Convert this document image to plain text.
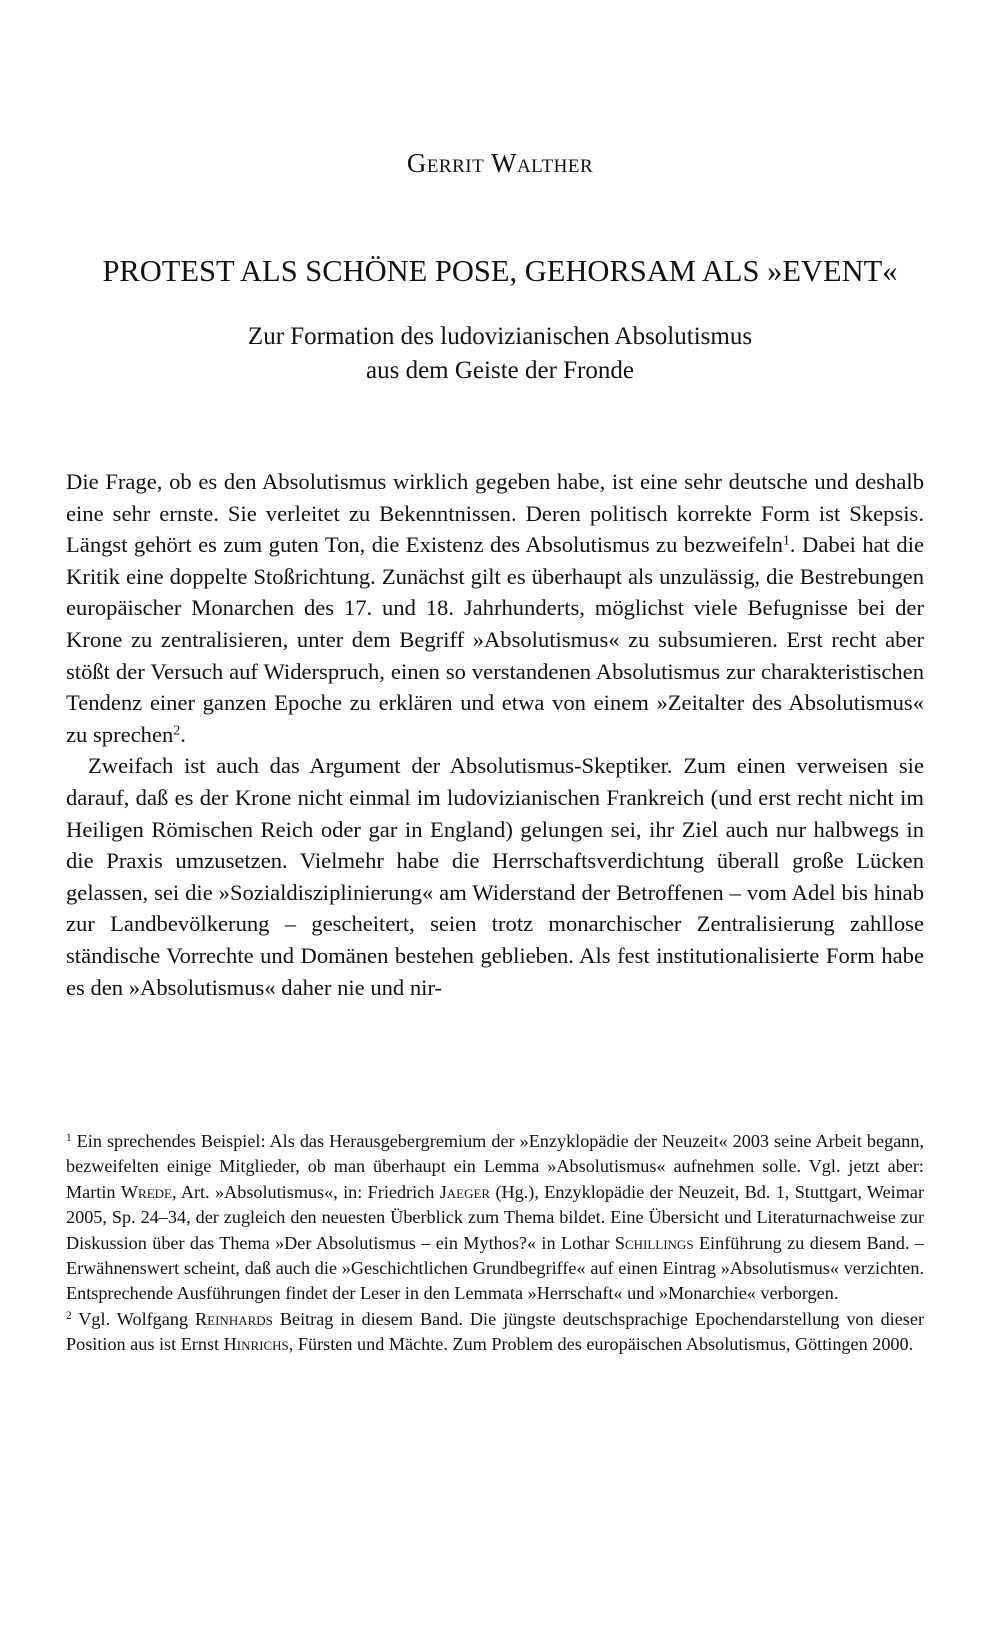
Gerrit Walther
PROTEST ALS SCHÖNE POSE, GEHORSAM ALS »EVENT«
Zur Formation des ludovizianischen Absolutismus
aus dem Geiste der Fronde

Die Frage, ob es den Absolutismus wirklich gegeben habe, ist eine sehr deutsche und deshalb eine sehr ernste. Sie verleitet zu Bekenntnissen. Deren politisch korrekte Form ist Skepsis. Längst gehört es zum guten Ton, die Existenz des Absolutismus zu bezweifeln$^1$. Dabei hat die Kritik eine doppelte Stoßrichtung. Zunächst gilt es überhaupt als unzulässig, die Bestrebungen europäischer Monarchen des 17. und 18. Jahrhunderts, möglichst viele Befugnisse bei der Krone zu zentralisieren, unter dem Begriff »Absolutismus« zu subsumieren. Erst recht aber stößt der Versuch auf Widerspruch, einen so verstandenen Absolutismus zur charakteristischen Tendenz einer ganzen Epoche zu erklären und etwa von einem »Zeitalter des Absolutismus« zu sprechen$^2$.

Zweifach ist auch das Argument der Absolutismus-Skeptiker. Zum einen verweisen sie darauf, daß es der Krone nicht einmal im ludovizianischen Frankreich (und erst recht nicht im Heiligen Römischen Reich oder gar in England) gelungen sei, ihr Ziel auch nur halbwegs in die Praxis umzusetzen. Vielmehr habe die Herrschaftsverdichtung überall große Lücken gelassen, sei die »Sozialdisziplinierung« am Widerstand der Betroffenen – vom Adel bis hinab zur Landbevölkerung – gescheitert, seien trotz monarchischer Zentralisierung zahllose ständische Vorrechte und Domänen bestehen geblieben. Als fest institutionalisierte Form habe es den »Absolutismus« daher nie und nir-

$^1$ Ein sprechendes Beispiel: Als das Herausgebergremium der »Enzyklopädie der Neuzeit« 2003 seine Arbeit begann, bezweifelten einige Mitglieder, ob man überhaupt ein Lemma »Absolutismus« aufnehmen solle. Vgl. jetzt aber: Martin Wrede, Art. »Absolutismus«, in: Friedrich Jaeger (Hg.), Enzyklopädie der Neuzeit, Bd. 1, Stuttgart, Weimar 2005, Sp. 24–34, der zugleich den neuesten Überblick zum Thema bildet. Eine Übersicht und Literaturnachweise zur Diskussion über das Thema »Der Absolutismus – ein Mythos?« in Lothar Schillings Einführung zu diesem Band. – Erwähnenswert scheint, daß auch die »Geschichtlichen Grundbegriffe« auf einen Eintrag »Absolutismus« verzichten. Entsprechende Ausführungen findet der Leser in den Lemmata »Herrschaft« und »Monarchie« verborgen.

$^2$ Vgl. Wolfgang Reinhards Beitrag in diesem Band. Die jüngste deutschsprachige Epochendarstellung von dieser Position aus ist Ernst Hinrichs, Fürsten und Mächte. Zum Problem des europäischen Absolutismus, Göttingen 2000.
